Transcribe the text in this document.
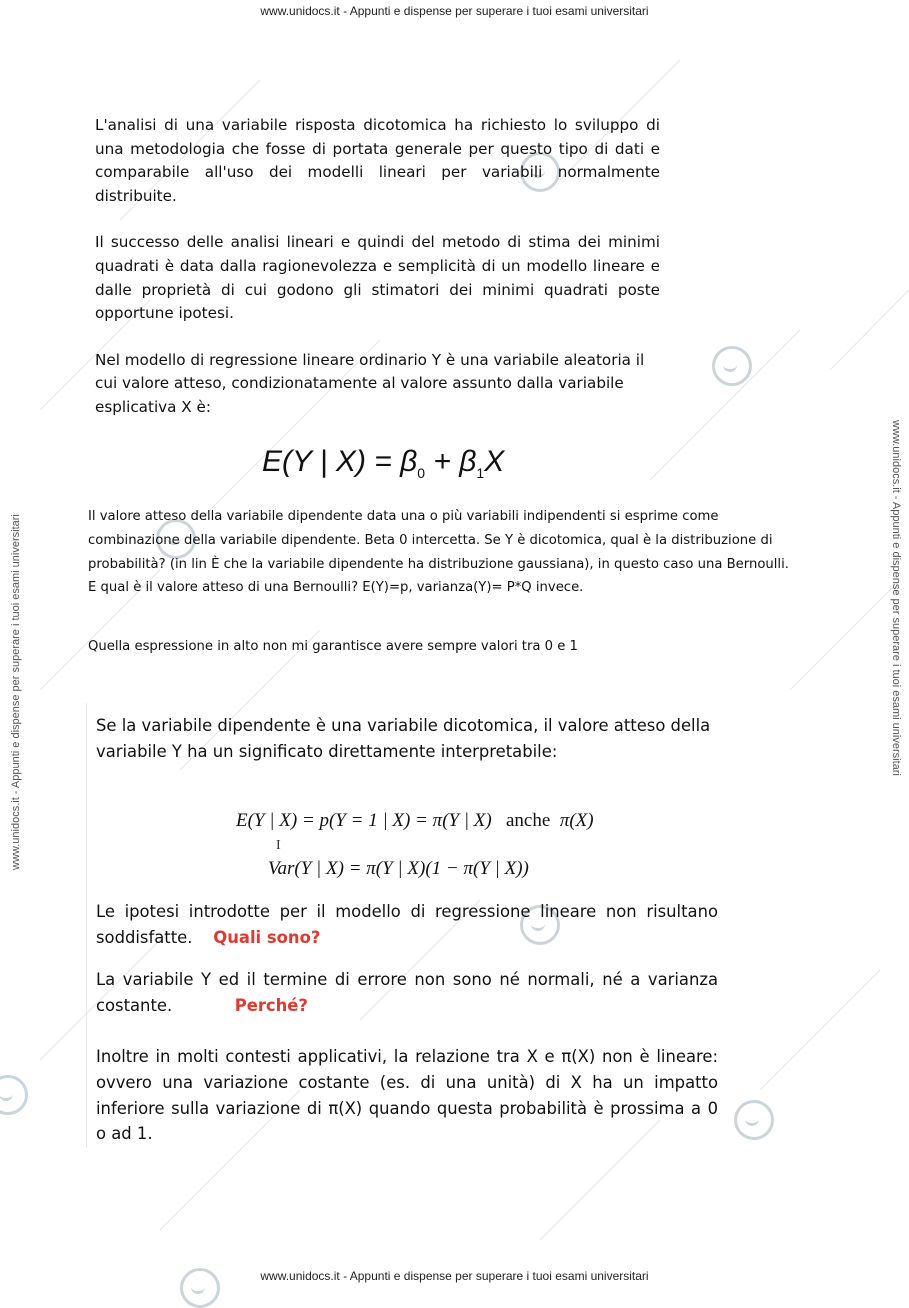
www.unidocs.it - Appunti e dispense per superare i tuoi esami universitari
www.unidocs.it - Appunti e dispense per superare i tuoi esami universitari	www.unidocs.it - Appunti e dispense per superare i tuoi esami universitari
L'analisi di una variabile risposta dicotomica ha richiesto lo sviluppo di una metodologia che fosse di portata generale per questo tipo di dati e comparabile all'uso dei modelli lineari per variabili normalmente distribuite.
Il successo delle analisi lineari e quindi del metodo di stima dei minimi quadrati è data dalla ragionevolezza e semplicità di un modello lineare e dalle proprietà di cui godono gli stimatori dei minimi quadrati poste opportune ipotesi.
Nel modello di regressione lineare ordinario Y è una variabile aleatoria il cui valore atteso, condizionatamente al valore assunto dalla variabile esplicativa X è:
E(Y | $X) = \beta_0 + \beta_1X$
Il valore atteso della variabile dipendente data una o più variabili indipendenti si esprime come combinazione della variabile dipendente. Beta 0 intercetta. Se Y è dicotomica, qual è la distribuzione di probabilità? (in lin È che la variabile dipendente ha distribuzione gaussiana), in questo caso una Bernoulli. E qual è il valore atteso di una Bernoulli? E(Y)=p, varianza(Y)= P*Q invece.
Quella espressione in alto non mi garantisce avere sempre valori tra 0 e 1
Se la variabile dipendente è una variabile dicotomica, il valore atteso della variabile Y ha un significato direttamente interpretabile:
E(Y | X) = p(Y = 1 | X) = π(Y | X) anche π(X)
I
Var(Y | X) = π(Y | X)(1 − π(Y | X))
Le ipotesi introdotte per il modello di regressione lineare non risultano soddisfatte. Quali sono?
La variabile Y ed il termine di errore non sono né normali, né a varianza costante.	Perché?
Inoltre in molti contesti applicativi, la relazione tra X e π(X) non è lineare: ovvero una variazione costante (es. di una unità) di X ha un impatto inferiore sulla variazione di π(X) quando questa probabilità è prossima a 0 o ad 1.
www.unidocs.it - Appunti e dispense per superare i tuoi esami universitari
